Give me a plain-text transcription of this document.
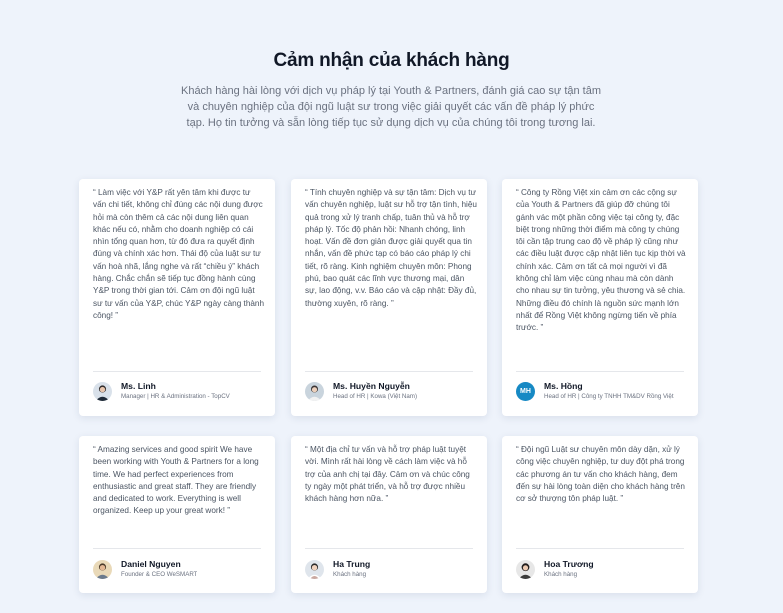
Cảm nhận của khách hàng

Khách hàng hài lòng với dịch vụ pháp lý tại Youth & Partners, đánh giá cao sự tận tâm và chuyên nghiệp của đội ngũ luật sư trong việc giải quyết các vấn đề pháp lý phức tạp. Họ tin tưởng và sẵn lòng tiếp tục sử dụng dịch vụ của chúng tôi trong tương lai.

“ Làm việc với Y&P rất yên tâm khi được tư vấn chi tiết, không chỉ đúng các nội dung được hỏi mà còn thêm cả các nội dung liên quan khác nếu có, nhằm cho doanh nghiệp có cái nhìn tổng quan hơn, từ đó đưa ra quyết định đúng và chính xác hơn. Thái độ của luật sư tư vấn hoà nhã, lắng nghe và rất “chiều ý” khách hàng. Chắc chắn sẽ tiếp tục đồng hành cùng Y&P trong thời gian tới. Cảm ơn đội ngũ luật sư tư vấn của Y&P, chúc Y&P ngày càng thành công! ”

Ms. Linh
Manager | HR & Administration - TopCV

“ Tính chuyên nghiệp và sự tận tâm: Dịch vụ tư vấn chuyên nghiệp, luật sư hỗ trợ tận tình, hiệu quả trong xử lý tranh chấp, tuân thủ và hỗ trợ pháp lý. Tốc độ phản hồi: Nhanh chóng, linh hoạt. Vấn đề đơn giản được giải quyết qua tin nhắn, vấn đề phức tạp có báo cáo pháp lý chi tiết, rõ ràng. Kinh nghiệm chuyên môn: Phong phú, bao quát các lĩnh vực thương mại, dân sự, lao động, v.v. Báo cáo và cập nhật: Đầy đủ, thường xuyên, rõ ràng. ”

Ms. Huyền Nguyễn
Head of HR | Kowa (Việt Nam)

“ Công ty Rồng Việt xin cảm ơn các cộng sự của Youth & Partners đã giúp đỡ chúng tôi gánh vác một phần công việc tại công ty, đặc biệt trong những thời điểm mà công ty chúng tôi cần tập trung cao độ về pháp lý cũng như các điều luật được cập nhật liên tục kịp thời và chính xác. Cảm ơn tất cả mọi người vì đã không chỉ làm việc cùng nhau mà còn dành cho nhau sự tin tưởng, yêu thương và sẻ chia. Những điều đó chính là nguồn sức mạnh lớn nhất để Rồng Việt không ngừng tiến về phía trước. ”

MH	Ms. Hồng
Head of HR | Công ty TNHH TM&DV Rồng Việt

“ Amazing services and good spirit We have been working with Youth & Partners for a long time. We had perfect experiences from enthusiastic and great staff. They are friendly and dedicated to work. Everything is well organized. Keep up your great work! ”

Daniel Nguyen
Founder & CEO WeSMART

“ Một địa chỉ tư vấn và hỗ trợ pháp luật tuyệt vời. Mình rất hài lòng về cách làm việc và hỗ trợ của anh chị tại đây. Cảm ơn và chúc công ty ngày một phát triển, và hỗ trợ được nhiều khách hàng hơn nữa. ”

Ha Trung
Khách hàng

“ Đội ngũ Luật sư chuyên môn dày dặn, xử lý công việc chuyên nghiệp, tư duy đột phá trong các phương án tư vấn cho khách hàng, đem đến sự hài lòng toàn diện cho khách hàng trên cơ sở thượng tôn pháp luật. ”

Hoa Trương
Khách hàng
